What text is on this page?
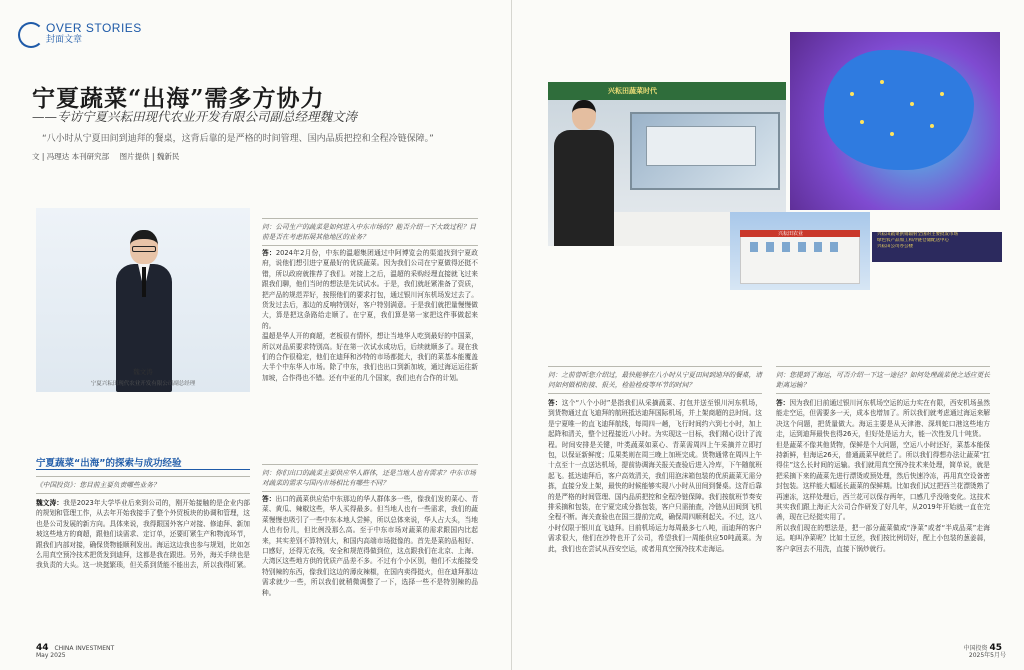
OVER STORIES
封面文章
宁夏蔬菜“出海”需多方协力
——专访宁夏兴耘田现代农业开发有限公司副总经理魏文涛
“八小时从宁夏田间到迪拜的餐桌，这背后靠的是严格的时间管理、国内品质把控和全程冷链保障。”
文 | 冯理达 本刊研究部 图片提供 | 魏新民
魏文涛
宁夏兴耘田现代农业开发有限公司副总经理
宁夏蔬菜“出海”的探索与成功经验
《中国投资》：您目前主要负责哪些业务？
魏文涛：我是2023年大学毕业后来到公司的，刚开始接触的是企业内部的规划和管理工作，从去年开始我接手了整个外贸板块的协调和管理，这也是公司发展的新方向。具体来说，我得跟国外客户对接、修迪拜、新加坡这些地方的商超，跟他们谈需求、定订单，还要盯紧生产和物流环节，跟我们内部对接，确保货物能顺利发出。海运这边我也参与规划，比如怎么用真空预冷技术把货发到迪拜，这都是我在跟进。另外，海关手续也是我负责的大头。这一块挺繁琐，但关系到货能不能出去，所以我得盯紧。
问：公司生产的蔬菜是如何进入中东市场的？能否介绍一下大致过程？目前是否在考虑拓展其他地区的业务？
答：2024年2月份，中东的温超集团通过中阿博览会的渠道找到宁夏政府，说他们想引进宁夏最好的优质蔬菜。因为我们公司在宁夏做得还挺不错，所以政府就推荐了我们。对接上之后，温超的采购经理直接就飞过来跟我们聊，他们当时的想法是先试试水。于是，我们就赶紧准备了资质，把产品的规范弄好，按照他们的要求打包，通过银川河东机场发过去了。货发过去后，那边的反响特别好，客户特别满意。于是我们就把量慢慢做大，算是把这条路给走顺了。在宁夏，我们算是第一家把这件事做起来的。
温超是华人开的商超，老板很有情怀，想让当地华人吃到最好的中国菜，所以对品质要求特别高。好在第一次试水成功后，后续就顺多了。现在我们的合作很稳定，他们在迪拜和沙特的市场都挺大，我们的菜基本能覆盖大半个中东华人市场。除了中东，我们也出口到新加坡，通过海运运往新加坡，合作得也不错。还有中亚的几个国家，我们也有合作的计划。
问：你们出口的蔬菜主要供应华人群体，还是当地人也有需求？中东市场对蔬菜的需求与国内市场相比有哪些不同？
答：出口的蔬菜供应给中东那边的华人群体多一些，像我们发的菜心、青菜、黄瓜、辣椒这些，华人买得最多。但当地人也有一些需求，我们的蔬菜慢慢也吸引了一些中东本地人尝鲜，所以总体来说，华人占大头，当地人也有份儿，但比例没那么高。至于中东市场对蔬菜的需求跟国内比起来，其实差别不算特别大，和国内高端市场挺像的。首先是菜的品相好、口感好，还得无农残，安全和规范得做到位，这点跟我们在北京、上海、大湾区这些地方供的优质产品差不多。不过有个小区别，他们不太能接受特别辣的东西，像我们这边的薄皮辣椒，在国内卖得挺火，但在迪拜那边需求就少一些，所以我们就稍微调整了一下，选择一些不是特别辣的品种。
44 CHINA INVESTMENT
May 2025
兴耘田蔬菜时代
兴耘田蔬菜供销辐射全国的主要批发市场
绿色农产品加工和冷链仓储配送中心
兴耘田公司办公楼
兴耘田农业
问：之前曾听您介绍过，最快能够在八小时从宁夏田间到迪拜的餐桌，请问如何做相衔接、报关，检验检疫等环节的时间？
答：这个“八个小时”是指我们从采摘蔬菜、打包并送至银川河东机场，到货物通过直飞迪拜的航班抵达迪拜国际机场，并上架商超的总时间。这是宁夏唯一的直飞迪拜航线，每周四一趟，飞行时间约六到七小时，加上起降和清关，整个过程接近八小时。为实现这一目标，我们精心设计了流程。时间安排是关键，叶类蔬菜如菜心、青菜需周四上午采摘并立即打包，以保证新鲜度；瓜果类则在周三晚上加班完成。货物通常在周四上午十点至十一点送达机场，提前协调海关报关查验后进入冷库，下午随航班起飞。抵达迪拜后，客户高效清关，我们用泡沫箱包装的优质蔬菜无需分拣，直接分发上架，最快的时候能够实现八小时从田间到餐桌。这背后靠的是严格的时间管理、国内品质把控和全程冷链保障。我们按航班节奏安排采摘和包装，在宁夏完成分拣包装，客户只需抽查，冷链从田间到飞机全程不断。海关查验也在国三提前完成，确保周四顺利起关。不过，这八小时仅限于银川直飞迪拜。目前机场运力每周最多七八吨，而迪拜的客户需求很大，他们在沙特也开了公司，希望我们一周能供应50吨蔬菜。为此，我们也在尝试从西安空运，或者用真空预冷技术走海运。
问：您提到了海运，可否介绍一下这一途径？如何处理蔬菜使之适应更长距离运输？
答：因为我们目前通过银川河东机场空运的运力实在有限，西安机场虽然能走空运，但需要多一天，成本也增加了。所以我们就考虑通过海运来解决这个问题，把货量做大。海运主要是从天津港、深圳蛇口港这些地方走，运到迪拜最快也得26天，但好处是运力大，能一次性发几十吨货。
但是蔬菜不像其他货物，保鲜是个大问题，空运八小时还好，菜基本能保持新鲜，但海运26天，普通蔬菜早就烂了。所以我们得想办法让蔬菜“扛得住”这么长时间的运输。我们就用真空预冷技术来处理，简单说，就是把采摘下来的蔬菜先进行漂烫或预处理，然后快速冷冻，再用真空设备密封包装。这样能大幅延长蔬菜的保鲜期。比如我们试过把西兰花漂烫熟了再速冻，这样处理后，西兰花可以保存两年，口感几乎没啥变化。这技术其实我们跟上海正大公司合作研发了好几年，从2019年开始就一直在完善，现在已经挺实用了。
所以我们现在的想法是，把一部分蔬菜做成“净菜”或者“半成品菜”走海运。咱叫净菜呢？比如土豆丝，我们按比例切好，配上小包装的葱姜蒜，客户拿回去不用洗，直接下锅炒就行。
中国投资 45
2025年5月号
